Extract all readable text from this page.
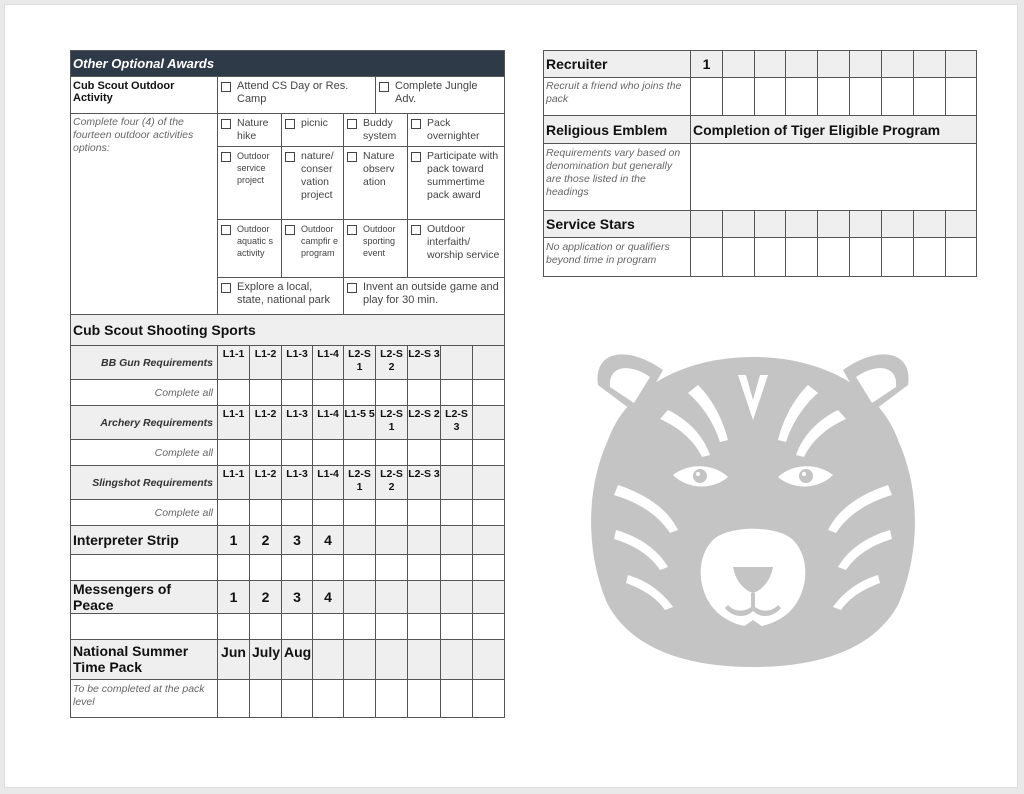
Other Optional Awards									
Cub Scout Outdoor Activity	Attend CS Day or Res. Camp					Complete Jungle Adv.			

Complete four (4) of the fourteen outdoor activities options:	Nature hike		picnic		Buddy system		Pack overnighter		

	Outdoor service project		nature/ conser vation project		Nature observ ation		Participate with pack toward summertime pack award		

	Outdoor aquatic s activity		Outdoor campfir e program		Outdoor sporting event		Outdoor interfaith/ worship service		

	Explore a local, state, national park				Invent an outside game and play for 30 min.				

Cub Scout Shooting Sports									
BB Gun Requirements	L1-1	L1-2	L1-3	L1-4	L2-S 1	L2-S 2	L2-S 3		
Complete all									
Archery Requirements	L1-1	L1-2	L1-3	L1-4	L1-5 5	L2-S 1	L2-S 2	L2-S 3	
Complete all									
Slingshot Requirements	L1-1	L1-2	L1-3	L1-4	L2-S 1	L2-S 2	L2-S 3		
Complete all									
Interpreter Strip	1	2	3	4					

Messengers of Peace	1	2	3	4					

National Summer Time Pack	Jun	July	Aug						
To be completed at the pack level									
Recruiter	1								
Recruit a friend who joins the pack									
Religious Emblem	Completion of Tiger Eligible Program								
Requirements vary based on denomination but generally are those listed in the headings									
Service Stars									
No application or qualifiers beyond time in program									
